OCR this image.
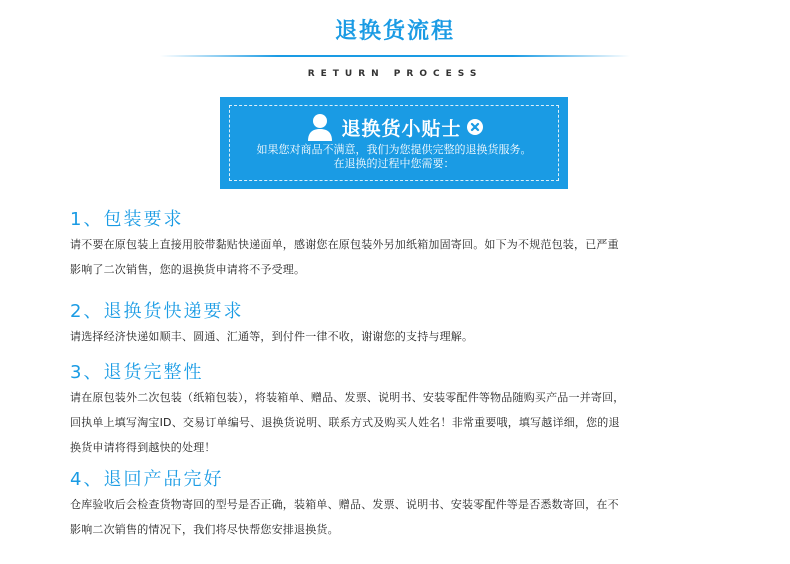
退换货流程
RETURN PROCESS
退换货小贴士
如果您对商品不满意，我们为您提供完整的退换货服务。
在退换的过程中您需要：
1、包装要求

请不要在原包装上直接用胶带黏贴快递面单，感谢您在原包装外另加纸箱加固寄回。如下为不规范包装，已严重

影响了二次销售，您的退换货申请将不予受理。

2、退换货快递要求

请选择经济快递如顺丰、圆通、汇通等，到付件一律不收，谢谢您的支持与理解。

3、退货完整性

请在原包装外二次包装（纸箱包装），将装箱单、赠品、发票、说明书、安装零配件等物品随购买产品一并寄回，

回执单上填写淘宝ID、交易订单编号、退换货说明、联系方式及购买人姓名！非常重要哦，填写越详细，您的退

换货申请将得到越快的处理！

4、退回产品完好

仓库验收后会检查货物寄回的型号是否正确，装箱单、赠品、发票、说明书、安装零配件等是否悉数寄回，在不

影响二次销售的情况下，我们将尽快帮您安排退换货。
